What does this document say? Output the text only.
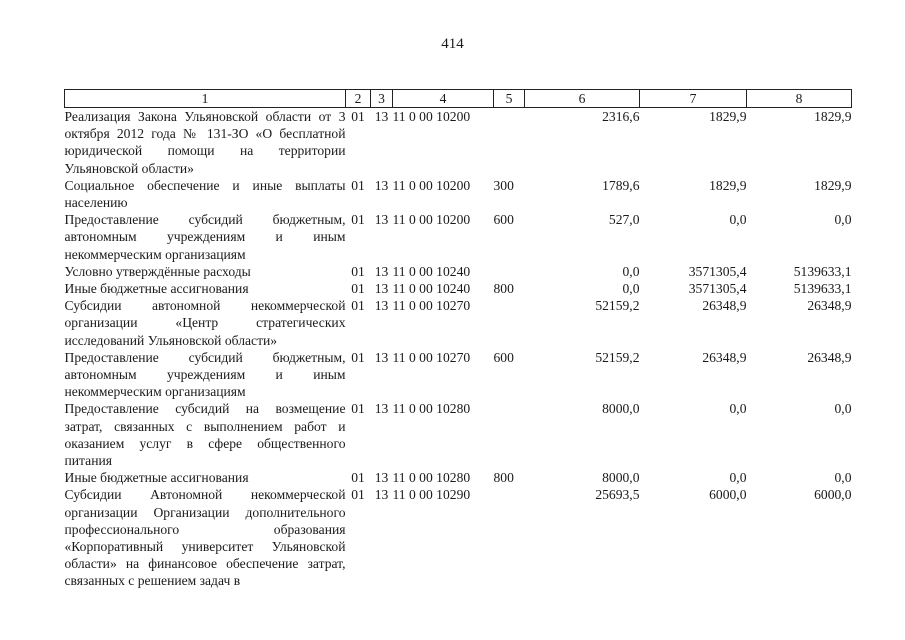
414
1	2	3	4	5	6	7	8
Реализация Закона Ульяновской области от 3 октября 2012 года № 131-ЗО «О бесплатной юридической помощи на территории Ульяновской области»	01	13	11 0 00 10200		2316,6	1829,9	1829,9
Социальное обеспечение и иные выплаты населению	01	13	11 0 00 10200	300	1789,6	1829,9	1829,9
Предоставление субсидий бюджетным, автономным учреждениям и иным некоммерческим организациям	01	13	11 0 00 10200	600	527,0	0,0	0,0
Условно утверждённые расходы	01	13	11 0 00 10240		0,0	3571305,4	5139633,1
Иные бюджетные ассигнования	01	13	11 0 00 10240	800	0,0	3571305,4	5139633,1
Субсидии автономной некоммерческой организации «Центр стратегических исследований Ульяновской области»	01	13	11 0 00 10270		52159,2	26348,9	26348,9
Предоставление субсидий бюджетным, автономным учреждениям и иным некоммерческим организациям	01	13	11 0 00 10270	600	52159,2	26348,9	26348,9
Предоставление субсидий на возмещение затрат, связанных с выполнением работ и оказанием услуг в сфере общественного питания	01	13	11 0 00 10280		8000,0	0,0	0,0
Иные бюджетные ассигнования	01	13	11 0 00 10280	800	8000,0	0,0	0,0
Субсидии Автономной некоммерческой организации Организации дополнительного профессионального образования «Корпоративный университет Ульяновской области» на финансовое обеспечение затрат, связанных с решением задач в	01	13	11 0 00 10290		25693,5	6000,0	6000,0
